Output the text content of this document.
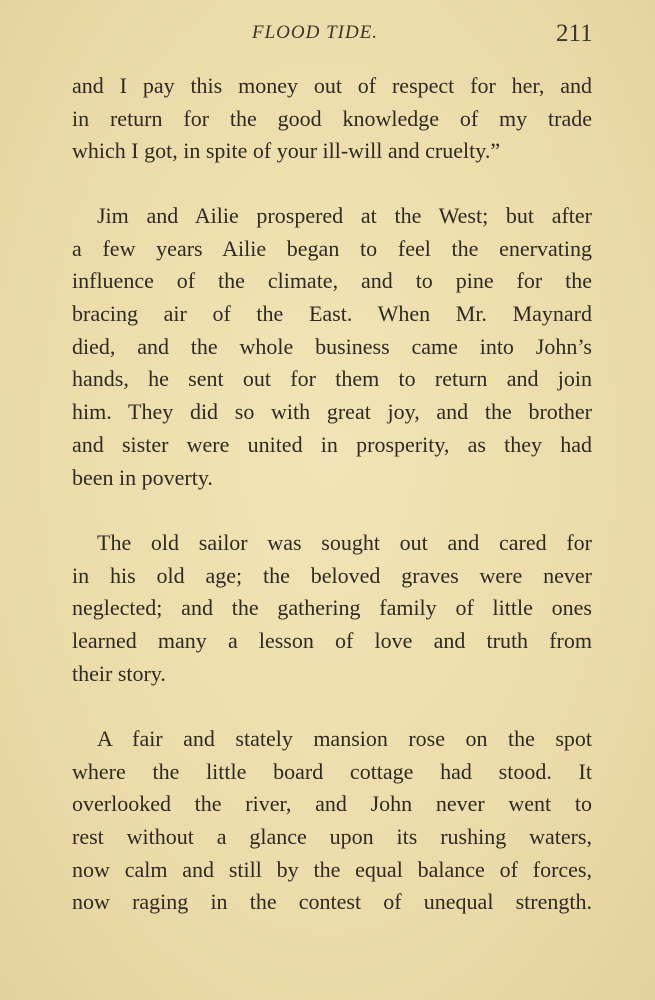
FLOOD TIDE.	211
and I pay this money out of respect for her, and
in return for the good knowledge of my trade
which I got, in spite of your ill-will and cruelty.”
Jim and Ailie prospered at the West; but after
a few years Ailie began to feel the enervating
influence of the climate, and to pine for the
bracing air of the East. When Mr. Maynard
died, and the whole business came into John’s
hands, he sent out for them to return and join
him. They did so with great joy, and the brother
and sister were united in prosperity, as they had
been in poverty.
The old sailor was sought out and cared for
in his old age; the beloved graves were never
neglected; and the gathering family of little ones
learned many a lesson of love and truth from
their story.
A fair and stately mansion rose on the spot
where the little board cottage had stood. It
overlooked the river, and John never went to
rest without a glance upon its rushing waters,
now calm and still by the equal balance of forces,
now raging in the contest of unequal strength.
